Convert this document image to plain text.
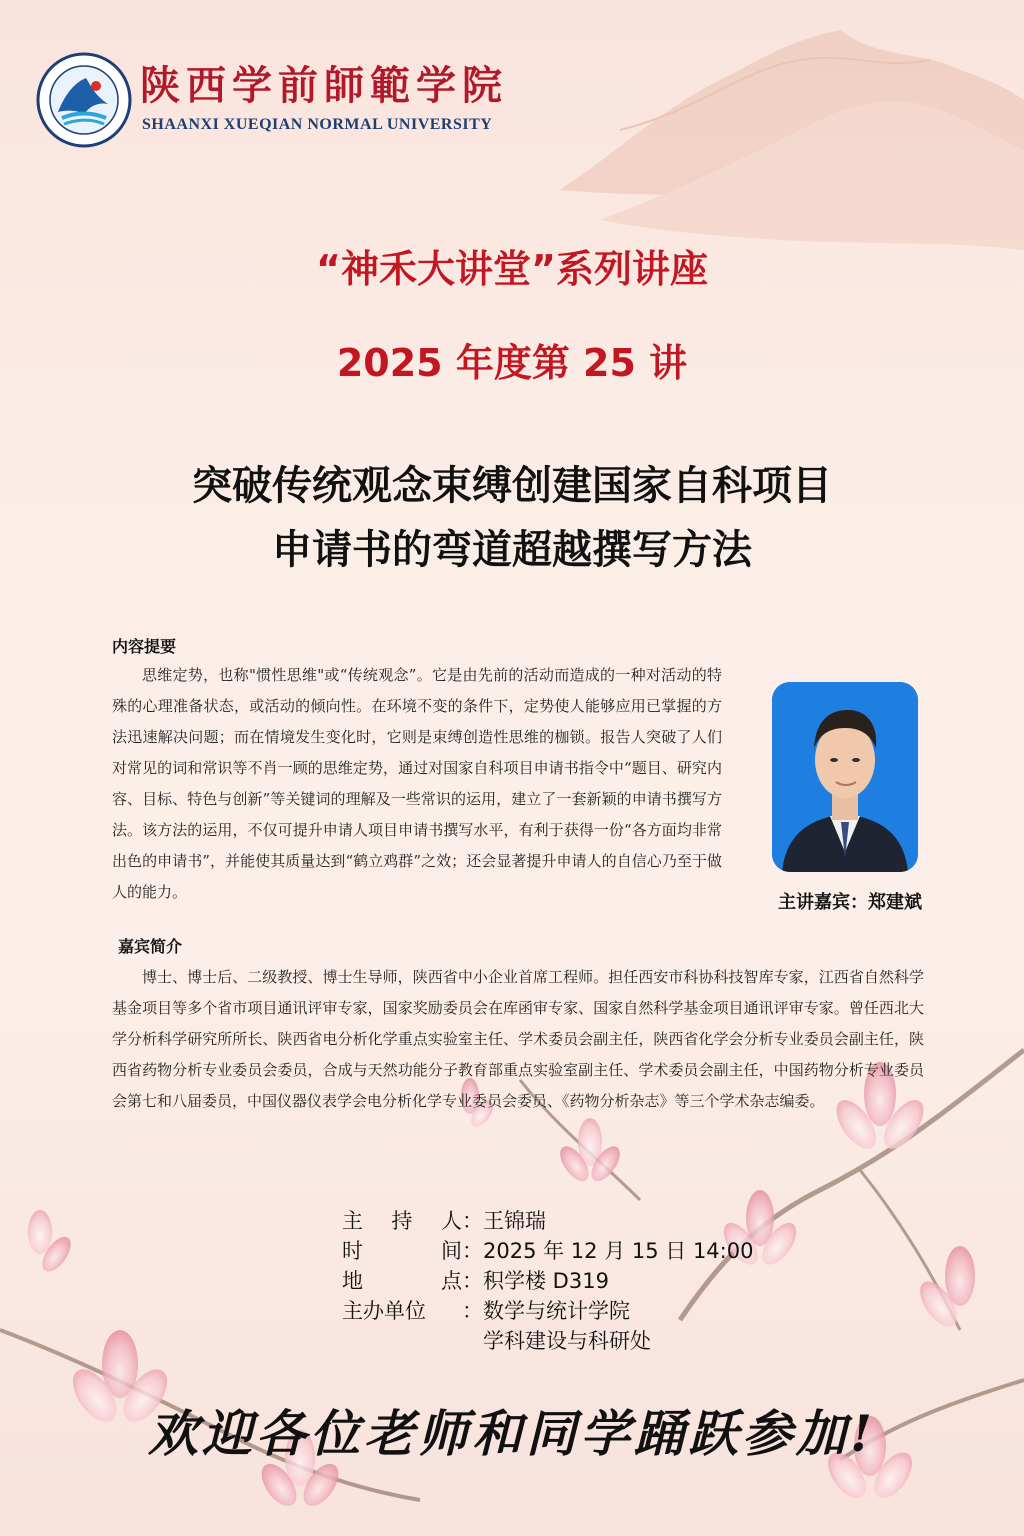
陕西学前師範学院
SHAANXI XUEQIAN NORMAL UNIVERSITY
“神禾大讲堂”系列讲座
2025 年度第 25 讲
突破传统观念束缚创建国家自科项目
申请书的弯道超越撰写方法
内容提要
思维定势，也称"惯性思维"或“传统观念”。它是由先前的活动而造成的一种对活动的特殊的心理准备状态，或活动的倾向性。在环境不变的条件下，定势使人能够应用已掌握的方法迅速解决问题；而在情境发生变化时，它则是束缚创造性思维的枷锁。报告人突破了人们对常见的词和常识等不肖一顾的思维定势，通过对国家自科项目申请书指令中“题目、研究内容、目标、特色与创新”等关键词的理解及一些常识的运用，建立了一套新颖的申请书撰写方法。该方法的运用，不仅可提升申请人项目申请书撰写水平，有利于获得一份“各方面均非常出色的申请书”，并能使其质量达到“鹤立鸡群”之效；还会显著提升申请人的自信心乃至于做人的能力。	主讲嘉宾：郑建斌
嘉宾简介
博士、博士后、二级教授、博士生导师，陕西省中小企业首席工程师。担任西安市科协科技智库专家，江西省自然科学基金项目等多个省市项目通讯评审专家，国家奖励委员会在库函审专家、国家自然科学基金项目通讯评审专家。曾任西北大学分析科学研究所所长、陕西省电分析化学重点实验室主任、学术委员会副主任，陕西省化学会分析专业委员会副主任，陕西省药物分析专业委员会委员，合成与天然功能分子教育部重点实验室副主任、学术委员会副主任，中国药物分析专业委员会第七和八届委员，中国仪器仪表学会电分析化学专业委员会委员、《药物分析杂志》等三个学术杂志编委。
主 持 人 ： 王锦瑞
时	间 ： 2025 年 12 月 15 日 14:00
地	点 ： 积学楼 D319
主办单位 ： 数学与统计学院
学科建设与科研处
欢迎各位老师和同学踊跃参加!
